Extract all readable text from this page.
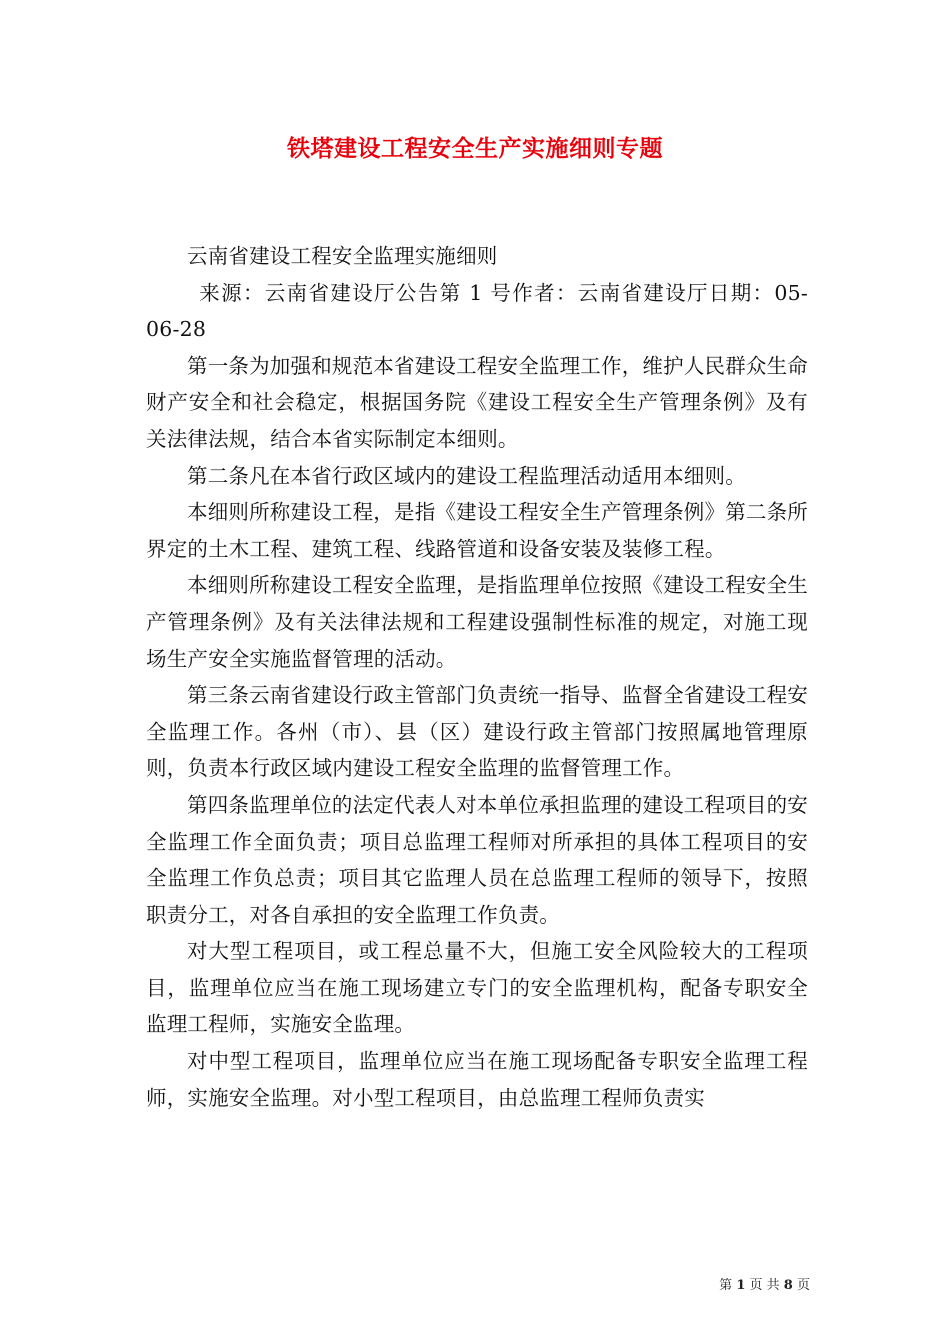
铁塔建设工程安全生产实施细则专题

云南省建设工程安全监理实施细则

来源：云南省建设厅公告第 1 号作者：云南省建设厅日期：05-06-28

第一条为加强和规范本省建设工程安全监理工作，维护人民群众生命财产安全和社会稳定，根据国务院《建设工程安全生产管理条例》及有关法律法规，结合本省实际制定本细则。

第二条凡在本省行政区域内的建设工程监理活动适用本细则。

本细则所称建设工程，是指《建设工程安全生产管理条例》第二条所界定的土木工程、建筑工程、线路管道和设备安装及装修工程。

本细则所称建设工程安全监理，是指监理单位按照《建设工程安全生产管理条例》及有关法律法规和工程建设强制性标准的规定，对施工现场生产安全实施监督管理的活动。

第三条云南省建设行政主管部门负责统一指导、监督全省建设工程安全监理工作。各州（市）、县（区）建设行政主管部门按照属地管理原则，负责本行政区域内建设工程安全监理的监督管理工作。

第四条监理单位的法定代表人对本单位承担监理的建设工程项目的安全监理工作全面负责；项目总监理工程师对所承担的具体工程项目的安全监理工作负总责；项目其它监理人员在总监理工程师的领导下，按照职责分工，对各自承担的安全监理工作负责。

对大型工程项目，或工程总量不大，但施工安全风险较大的工程项目，监理单位应当在施工现场建立专门的安全监理机构，配备专职安全监理工程师，实施安全监理。

对中型工程项目，监理单位应当在施工现场配备专职安全监理工程师，实施安全监理。对小型工程项目，由总监理工程师负责实

第 1 页 共 8 页
